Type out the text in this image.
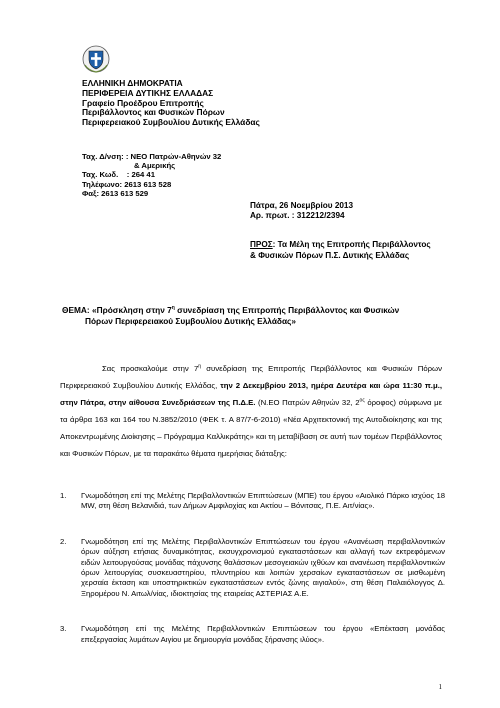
ΕΛΛΗΝΙΚΗ ΔΗΜΟΚΡΑΤΙΑ
ΠΕΡΙΦΕΡΕΙΑ ΔΥΤΙΚΗΣ ΕΛΛΑΔΑΣ
Γραφείο Προέδρου Επιτροπής
Περιβάλλοντος και Φυσικών Πόρων
Περιφερειακού Συμβουλίου Δυτικής Ελλάδας
Ταχ. Δ/νση: : ΝΕΟ Πατρών-Αθηνών 32
& Αμερικής
Ταχ. Κωδ. : 264 41
Τηλέφωνο: 2613 613 528
Φαξ: 2613 613 529
Πάτρα, 26 Νοεμβρίου 2013
Αρ. πρωτ. : 312212/2394
ΠΡΟΣ: Τα Μέλη της Επιτροπής Περιβάλλοντος
& Φυσικών Πόρων Π.Σ. Δυτικής Ελλάδας
ΘΕΜΑ: «Πρόσκληση στην $7^\eta$ συνεδρίαση της Επιτροπής Περιβάλλοντος και Φυσικών
Πόρων Περιφερειακού Συμβουλίου Δυτικής Ελλάδας»
Σας προσκαλούμε στην $7^\eta$ συνεδρίαση της Επιτροπής Περιβάλλοντος και Φυσικών Πόρων Περιφερειακού Συμβουλίου Δυτικής Ελλάδας, την 2 Δεκεμβρίου 2013, ημέρα Δευτέρα και ώρα 11:30 π.μ., στην Πάτρα, στην αίθουσα Συνεδριάσεων της Π.Δ.Ε. (Ν.ΕΟ Πατρών Αθηνών 32, $2^{o\varsigma}$ όροφος) σύμφωνα με τα άρθρα 163 και 164 του Ν.3852/2010 (ΦΕΚ τ. Α 87/7-6-2010) «Νέα Αρχιτεκτονική της Αυτοδιοίκησης και της Αποκεντρωμένης Διοίκησης – Πρόγραμμα Καλλικράτης» και τη μεταβίβαση σε αυτή των τομέων Περιβάλλοντος και Φυσικών Πόρων, με τα παρακάτω θέματα ημερήσιας διάταξης:
1. Γνωμοδότηση επί της Μελέτης Περιβαλλοντικών Επιπτώσεων (ΜΠΕ) του έργου «Αιολικό Πάρκο ισχύος 18 MW, στη θέση Βελανιδιά, των Δήμων Αμφιλοχίας και Ακτίου – Βόνιτσας, Π.Ε. Αιτ/νίας».
2. Γνωμοδότηση επί της Μελέτης Περιβαλλοντικών Επιπτώσεων του έργου «Ανανέωση περιβαλλοντικών όρων αύξηση ετήσιας δυναμικότητας, εκσυγχρονισμού εγκαταστάσεων και αλλαγή των εκτρεφόμενων ειδών λειτουργούσας μονάδας πάχυνσης θαλάσσιων μεσογειακών ιχθύων και ανανέωση περιβαλλοντικών όρων λειτουργίας συσκευαστηρίου, πλυντηρίου και λοιπών χερσαίων εγκαταστάσεων σε μισθωμένη χερσαία έκταση και υποστηρικτικών εγκαταστάσεων εντός ζώνης αιγιαλού», στη θέση Παλαιόλογγος Δ. Ξηρομέρου Ν. Αιτωλ/νίας, ιδιοκτησίας της εταιρείας ΑΣΤΕΡΙΑΣ Α.Ε.
3. Γνωμοδότηση επί της Μελέτης Περιβαλλοντικών Επιπτώσεων του έργου «Επέκταση μονάδας επεξεργασίας λυμάτων Αιγίου με δημιουργία μονάδας ξήρανσης ιλύος».
1
